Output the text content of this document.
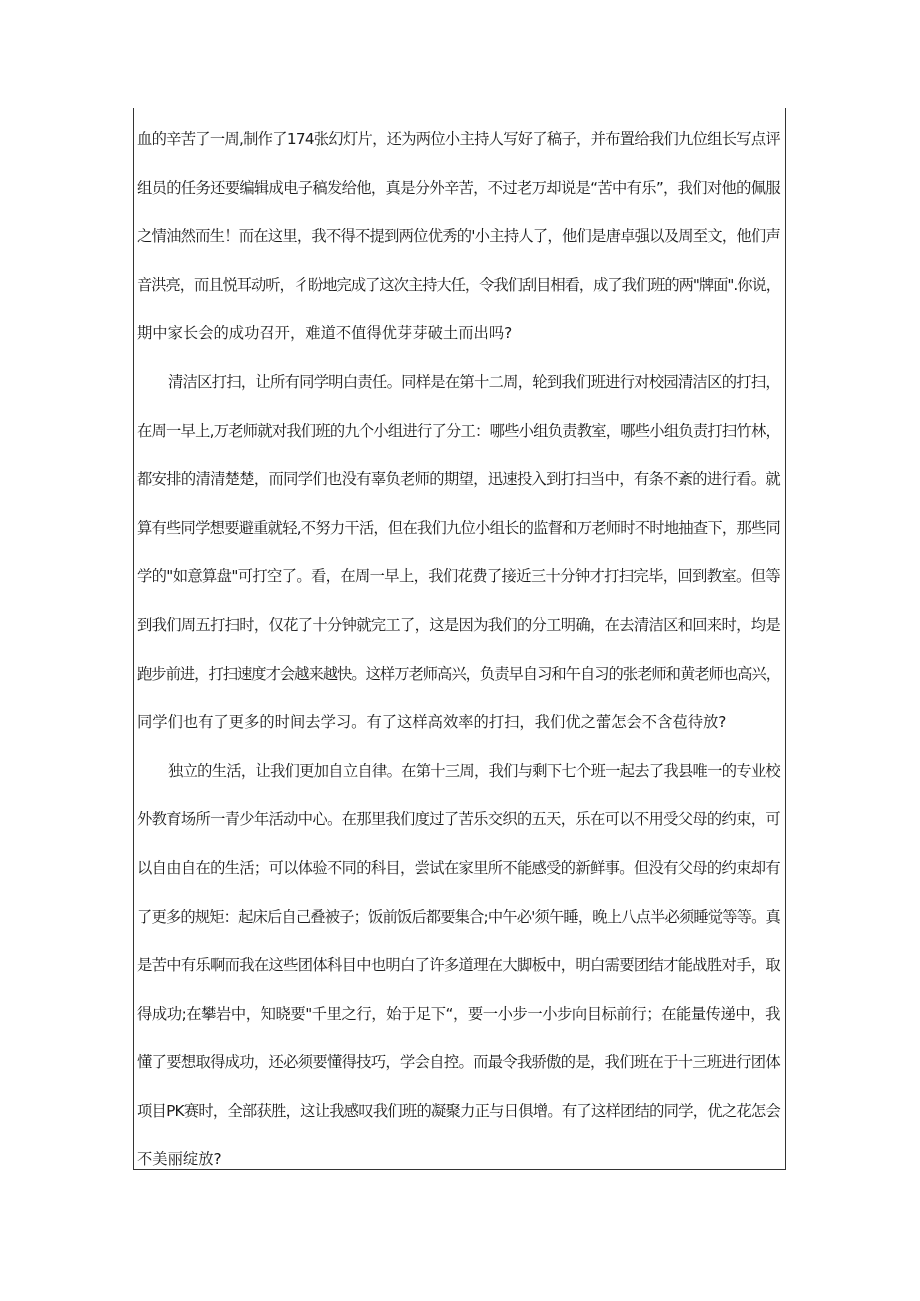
血的辛苦了一周,制作了174张幻灯片，还为两位小主持人写好了稿子，并布置给我们九位组长写点评
组员的任务还要编辑成电子稿发给他，真是分外辛苦，不过老万却说是“苦中有乐”，我们对他的佩服
之情油然而生！而在这里，我不得不提到两位优秀的'小主持人了，他们是唐卓强以及周至文，他们声
音洪亮，而且悦耳动听，彳盼地完成了这次主持大任，令我们刮目相看，成了我们班的两"牌面".你说，
期中家长会的成功召开，难道不值得优芽芽破土而出吗?
清洁区打扫，让所有同学明白责任。同样是在第十二周，轮到我们班进行对校园清洁区的打扫，
在周一早上,万老师就对我们班的九个小组进行了分工：哪些小组负责教室，哪些小组负责打扫竹林，
都安排的清清楚楚，而同学们也没有辜负老师的期望，迅速投入到打扫当中，有条不紊的进行看。就
算有些同学想要避重就轻,不努力干活，但在我们九位小组长的监督和万老师时不时地抽查下，那些同
学的"如意算盘"可打空了。看，在周一早上，我们花费了接近三十分钟才打扫完毕，回到教室。但等
到我们周五打扫时，仅花了十分钟就完工了，这是因为我们的分工明确，在去清洁区和回来时，均是
跑步前进，打扫速度才会越来越快。这样万老师高兴，负责早自习和午自习的张老师和黄老师也高兴，
同学们也有了更多的时间去学习。有了这样高效率的打扫，我们优之蕾怎会不含苞待放?
独立的生活，让我们更加自立自律。在第十三周，我们与剩下七个班一起去了我县唯一的专业校
外教育场所一青少年活动中心。在那里我们度过了苦乐交织的五天，乐在可以不用受父母的约束，可
以自由自在的生活；可以体验不同的科目，尝试在家里所不能感受的新鲜事。但没有父母的约束却有
了更多的规矩：起床后自己叠被子；饭前饭后都要集合;中午必'须午睡，晚上八点半必须睡觉等等。真
是苦中有乐啊而我在这些团体科目中也明白了许多道理在大脚板中，明白需要团结才能战胜对手，取
得成功;在攀岩中，知晓要"千里之行，始于足下“，要一小步一小步向目标前行；在能量传递中，我
懂了要想取得成功，还必须要懂得技巧，学会自控。而最令我骄傲的是，我们班在于十三班进行团体
项目PK赛时，全部获胜，这让我感叹我们班的凝聚力正与日俱增。有了这样团结的同学，优之花怎会
不美丽绽放?
